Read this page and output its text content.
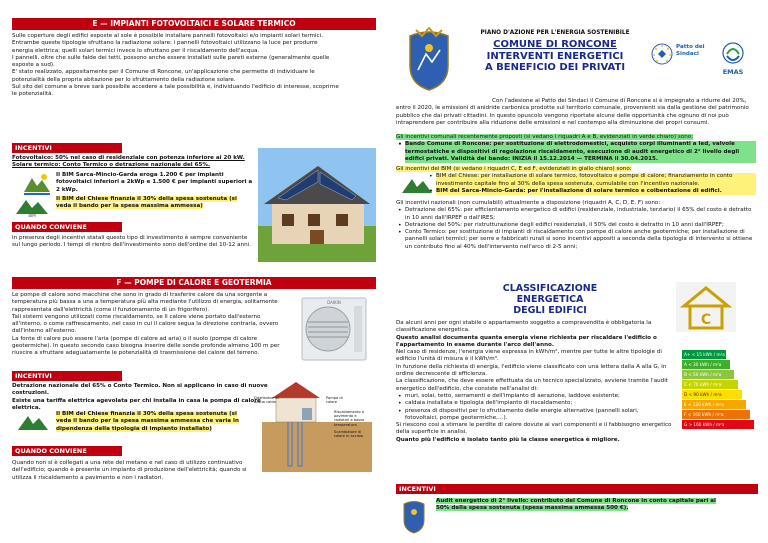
E — IMPIANTI FOTOVOLTAICI E SOLARE TERMICO

Sulle coperture degli edifici esposte al sole è possibile installare pannelli fotovoltaici e/o impianti solari termici.

Entrambe queste tipologie sfruttano la radiazione solare: i pannelli fotovoltaici utilizzano la luce per produrre energia elettrica; quelli solari termici invece lo sfruttano per il riscaldamento dell'acqua.

I pannelli, oltre che sulle falde dei tetti, possono anche essere installati sulle pareti esterne (generalmente quelle esposte a sud).

E' stato realizzato, appositamente per il Comune di Roncone, un'applicazione che permette di individuare le potenzialità della propria abitazione per lo sfruttamento della radiazione solare.

Sul sito del comune a breve sarà possibile accedere a tale possibilità e, individuando l'edificio di interesse, scoprirne le potenzialità.

INCENTIVI

Fotovoltaico: 50% nel caso di residenziale con potenza inferiore ai 20 kW.

Solare termico: Conto Termico o detrazione nazionale del 65%.

Il BIM Sarca-Mincio-Garda eroga 1.200 € per impianti fotovoltaici inferiori a 2kWp e 1.500 € per impianti superiori a 2 kWp.
BIM
Il BIM del Chiese finanzia il 30% della spesa sostenuta (si veda il bando per la spesa massima ammessa)
QUANDO CONVIENE
In presenza degli incentivi statali questo tipo di investimento è sempre conveniente sul lungo periodo. I tempi di rientro dell'investimento sono dell'ordine dei 10-12 anni.
F — POMPE DI CALORE E GEOTERMIA

Le pompe di calore sono macchine che sono in grado di trasferire calore da una sorgente a temperatura più bassa a una a temperatura più alta mediante l'utilizzo di energia, solitamente rappresentata dall'elettricità (come il funzionamento di un frigorifero).

Tali sistemi vengono utilizzati come riscaldamento, se il calore viene portato dall'esterno all'interno, o come raffrescamento, nel caso in cui il calore segua la direzione contraria, ovvero dall'interno all'esterno.

La fonte di calore può essere l'aria (pompe di calore ad aria) o il suolo (pompe di calore geotermiche). In questo secondo caso bisogna inserire delle sonde profonde almeno 100 m per riuscire a sfruttare adeguatamente le potenzialità di trasmissione del calore del terreno.

DAIKIN
INCENTIVI

Detrazione nazionale del 65% o Conto Termico. Non si applicano in caso di nuove costruzioni.

Esiste una tariffa elettrica agevolata per chi installa in casa la pompa di calore elettrica.

Il BIM del Chiese finanzia il 30% della spesa sostenuta (si veda il bando per la spesa massima ammessa che varia in dipendenza della tipologia di impianto installato)
QUANDO CONVIENE
Quando non si è collegati a una rete del metano e nel caso di utilizzo continuativo dell'edificio; quando è presente un impianto di produzione dell'elettricità; quando si utilizza il riscaldamento a pavimento e non i radiatori.
Distributori di acqua calda
Pompa di calore
Riscaldamento a pavimento e radiatori a bassa temperatura
Scambiatore di calore in acciaio
PIANO D'AZIONE PER L'ENERGIA SOSTENIBILE
COMUNE DI RONCONE
INTERVENTI ENERGETICI
A BENEFICIO DEI PRIVATI
Patto dei
Sindaci
EMAS
Con l'adesione al Patto dei Sindaci il Comune di Roncone si è impegnato a ridurre del 20%, entro il 2020, le emissioni di anidride carbonica prodotte sul territorio comunale, provenienti sia dalla gestione del patrimonio pubblico che dai privati cittadini. In questo opuscolo vengono riportate alcune delle opportunità che ognuno di noi può intraprendere per contribuire alla riduzione delle emissioni e nel contempo alla diminuzione dei propri consumi.

Gli incentivi comunali recentemente proposti (si vedano i riquadri A e B, evidenziati in verde chiaro) sono:

• Bando Comune di Roncone: per sostituzione di elettrodomestici, acquisto corpi illuminanti a led, valvole termostatiche e dispositivi di regolazione riscaldamento, esecuzione di audit energetico di 2° livello degli edifici privati. Validità del bando: INIZIA il 15.12.2014 — TERMINA il 30.04.2015.

Gli incentivi dei BIM (si vedano i riquadri C, E ed F, evidenziati in giallo chiaro) sono:

• BIM del Chiese: per installazione di solare termico, fotovoltaico e pompe di calore; finanziamento in conto investimento capitale fino al 30% della spesa sostenuta, cumulabile con l'incentivo nazionale.
• BIM del Sarca-Mincio-Garda: per l'installazione di solare termico e coibentazione di edifici.

Gli incentivi nazionali (non cumulabili) attualmente a disposizione (riquadri A, C, D, E, F) sono:

• Detrazione del 65%: per efficientamento energetico di edifici (residenziale, industriale, terziario) il 65% del costo è detratto in 10 anni dall'IRPEF o dall'IRES;
• Detrazione del 50%: per ristrutturazione degli edifici residenziali, il 50% del costo è detratto in 10 anni dall'IRPEF;
• Conto Termico: per sostituzione di impianti di riscaldamento con pompe di calore anche geotermiche; per installazione di pannelli solari termici; per serre e fabbricati rurali si sono incentivi appositi a seconda della tipologia di intervento si ottiene un contributo fino al 40% dell'intervento nell'arco di 2-5 anni;
CLASSIFICAZIONE ENERGETICA
DEGLI EDIFICI
C

Da alcuni anni per ogni stabile o appartamento soggetto a compravendita è obbligatoria la classificazione energetica.

Questo analisi documenta quanta energia viene richiesta per riscaldare l'edificio o l'appartamento in esame durante l'arco dell'anno.

Nel caso di residenze, l'energia viene espressa in kWh/m², mentre per tutte le altre tipologie di edificio l'unità di misura è il kWh/m³.

In funzione della richiesta di energia, l'edificio viene classificato con una lettera dalla A alla G, in ordine decrescente di efficienza.

La classificazione, che deve essere effettuata da un tecnico specializzato, avviene tramite l'audit energetico dell'edificio, che consiste nell'analisi di:

• muri, solai, tetto, serramenti e dell'impianto di aerazione, laddove esistente;
• caldaia installata e tipologia dell'impianto di riscaldamento;
• presenza di dispositivi per lo sfruttamento delle energie alternative (pannelli solari, fotovoltaici, pompe geotermiche,…).

Si riescono così a stimare le perdite di calore dovute ai vari componenti e il fabbisogno energetico della superficie in analisi.

Quanto più l'edificio è isolato tanto più la classe energetica è migliore.

A+ < 15 kWh / m²a
A < 30 kWh / m²a
B < 50 kWh / m²a
C < 70 kWh / m²a
D < 90 kWh / m²a
E < 120 kWh / m²a
F < 160 kWh / m²a
G > 160 kWh / m²a
INCENTIVI
Audit energetico di 2° livello: contributo del Comune di Roncone in conto capitale pari al 50% della spesa sostenuta (spesa massima ammessa 500 €).
